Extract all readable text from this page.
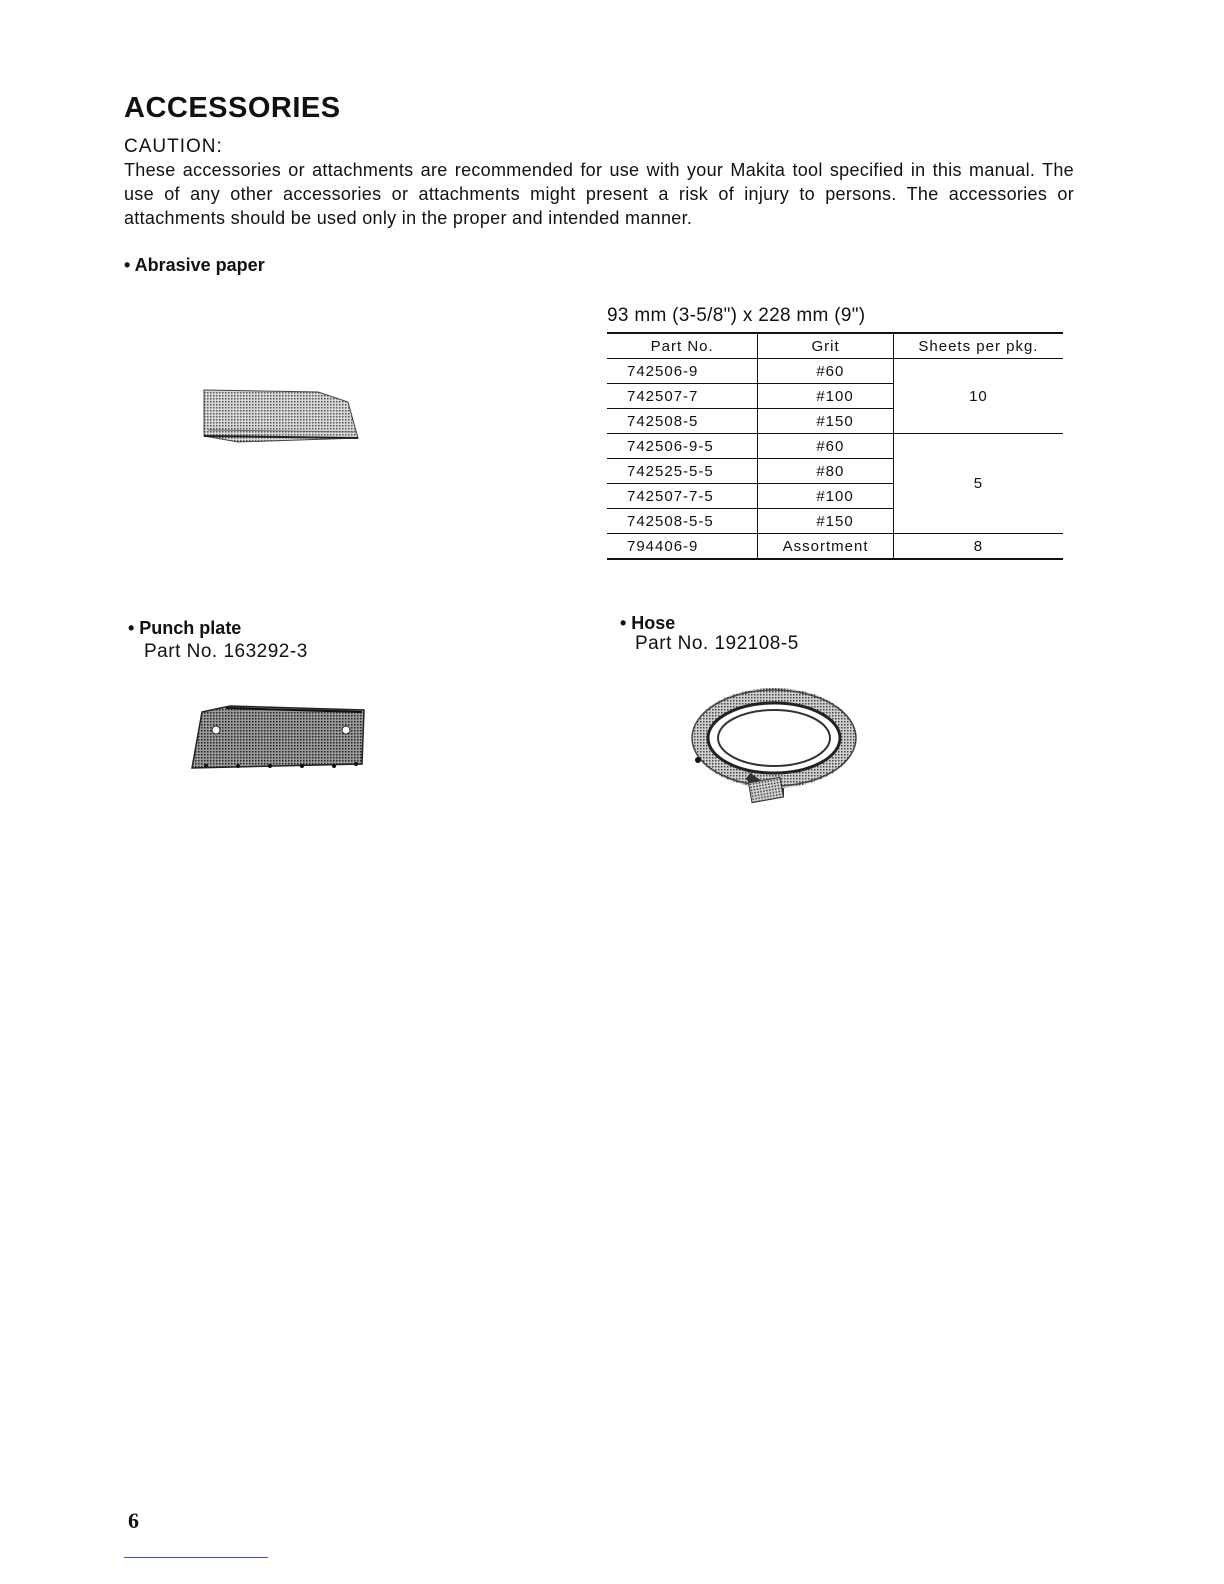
ACCESSORIES
CAUTION:
These accessories or attachments are recommended for use with your Makita tool specified in this manual. The use of any other accessories or attachments might present a risk of injury to persons. The accessories or attachments should be used only in the proper and intended manner.
• Abrasive paper
93 mm (3-5/8") x 228 mm (9")
Part No.	Grit	Sheets per pkg.
742506-9	#60	10
742507-7	#100	
742508-5	#150	
742506-9-5	#60	5
742525-5-5	#80	
742507-7-5	#100	
742508-5-5	#150	
794406-9	Assortment	8
• Punch plate
Part No. 163292-3
• Hose
Part No. 192108-5
6
